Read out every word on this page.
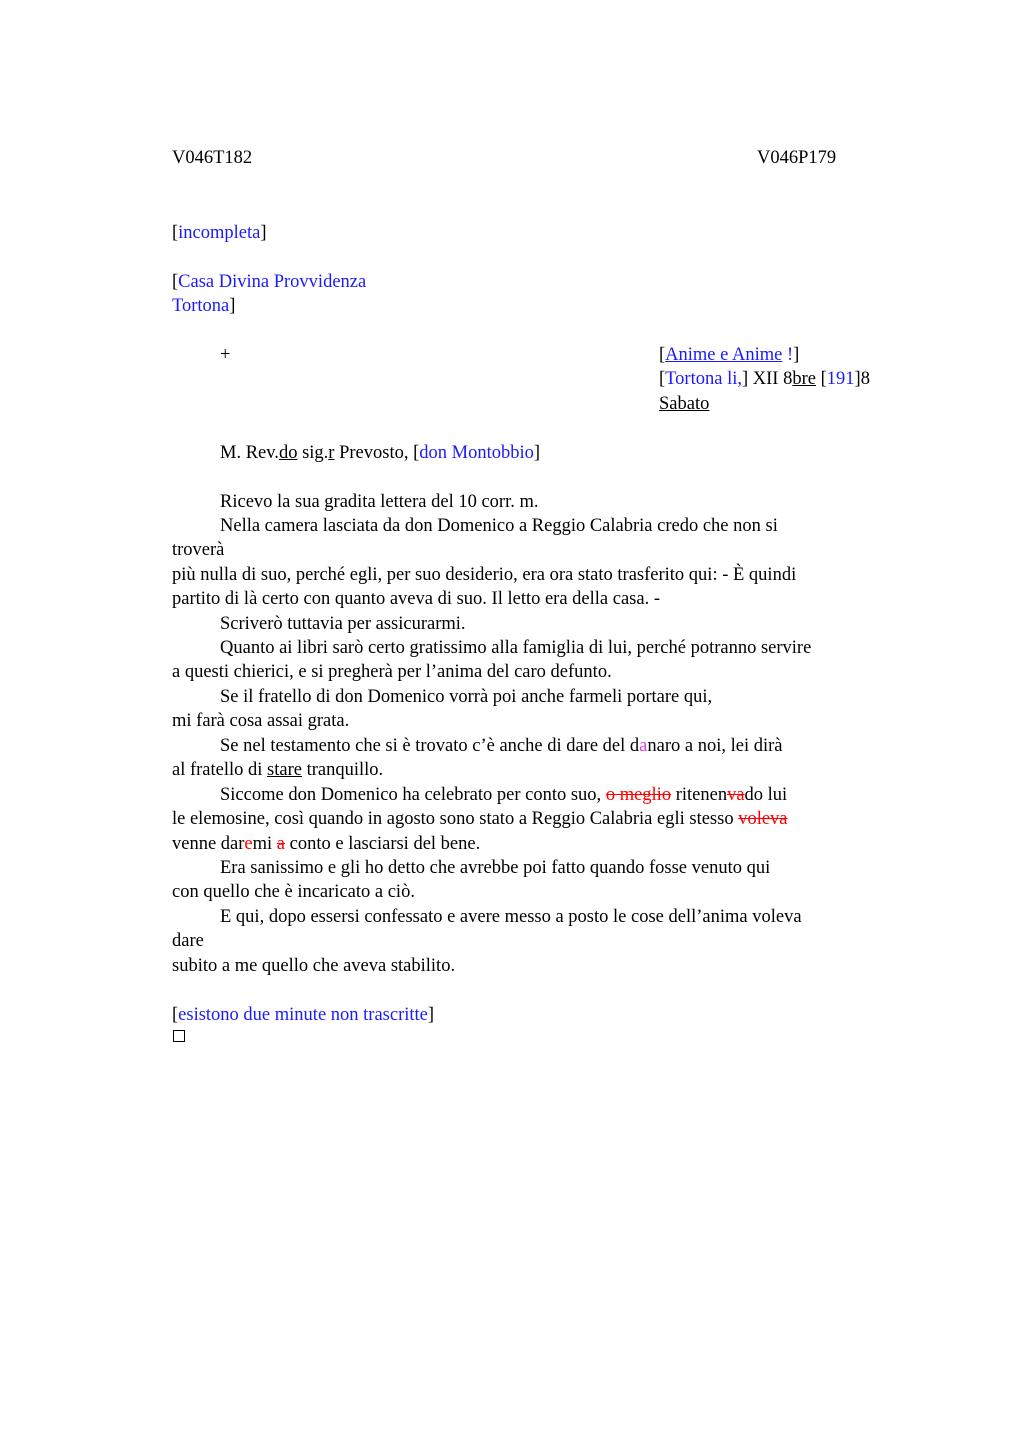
V046T182	V046P179
[incompleta]
[Casa Divina Provvidenza
Tortona]
+	[Anime e Anime !]
[Tortona li,] XII 8bre [191]8
Sabato
M. Rev.do sig.r Prevosto, [don Montobbio]
Ricevo la sua gradita lettera del 10 corr. m.
Nella camera lasciata da don Domenico a Reggio Calabria credo che non si
troverà
più nulla di suo, perché egli, per suo desiderio, era ora stato trasferito qui: - È quindi
partito di là certo con quanto aveva di suo. Il letto era della casa. -
Scriverò tuttavia per assicurarmi.
Quanto ai libri sarò certo gratissimo alla famiglia di lui, perché potranno servire
a questi chierici, e si pregherà per l’anima del caro defunto.
Se il fratello di don Domenico vorrà poi anche farmeli portare qui,
mi farà cosa assai grata.
Se nel testamento che si è trovato c’è anche di dare del danaro a noi, lei dirà
al fratello di stare tranquillo.
Siccome don Domenico ha celebrato per conto suo, o meglio ritenenvado lui
le elemosine, così quando in agosto sono stato a Reggio Calabria egli stesso voleva
venne daremi a conto e lasciarsi del bene.
Era sanissimo e gli ho detto che avrebbe poi fatto quando fosse venuto qui
con quello che è incaricato a ciò.
E qui, dopo essersi confessato e avere messo a posto le cose dell’anima voleva
dare
subito a me quello che aveva stabilito.
[esistono due minute non trascritte]
